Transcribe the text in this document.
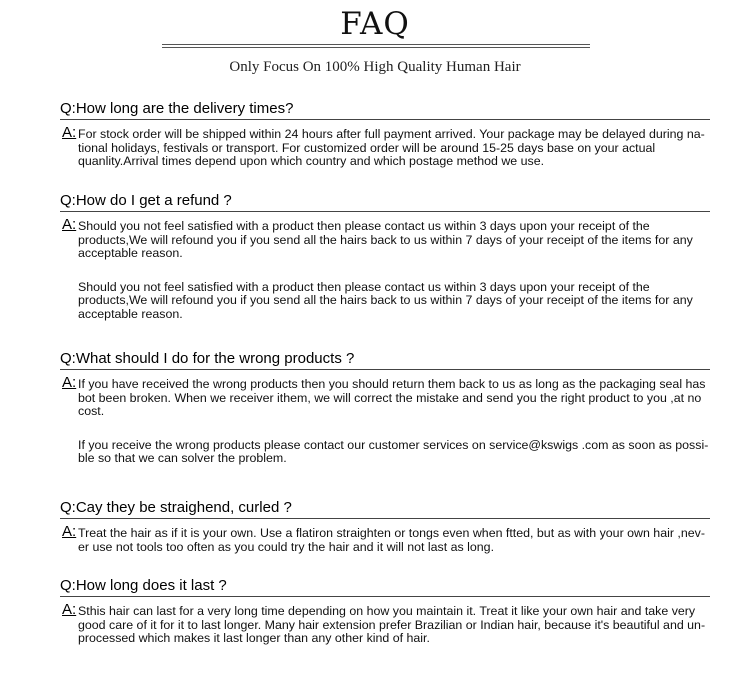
FAQ
Only Focus On 100% High Quality Human Hair
Q:How long are the delivery times?
A: For stock order will be shipped within 24 hours after full payment arrived. Your package may be delayed during na-tional holidays, festivals or transport. For customized order will be around 15-25 days base on your actual quanlity.Arrival times depend upon which country and which postage method we use.
Q:How do I get a refund ?
A: Should you not feel satisfied with a product then please contact us within 3 days upon your receipt of the products,We will refound you if you send all the hairs back to us within 7 days of your receipt of the items for any acceptable reason.
Should you not feel satisfied with a product then please contact us within 3 days upon your receipt of the products,We will refound you if you send all the hairs back to us within 7 days of your receipt of the items for any acceptable reason.
Q:What should I do for the wrong products ?
A: If you have received the wrong products then you should return them back to us as long as the packaging seal has bot been broken. When we receiver ithem, we will correct the mistake and send you the right product to you ,at no cost.
If you receive the wrong products please contact our customer services on service@kswigs .com as soon as possi-ble so that we can solver the problem.
Q:Cay they be straighend, curled ?
A: Treat the hair as if it is your own. Use a flatiron straighten or tongs even when ftted, but as with your own hair ,nev-er use not tools too often as you could try the hair and it will not last as long.
Q:How long does it last ?
A: Sthis hair can last for a very long time depending on how you maintain it. Treat it like your own hair and take very good care of it for it to last longer. Many hair extension prefer Brazilian or Indian hair, because it's beautiful and un-processed which makes it last longer than any other kind of hair.
